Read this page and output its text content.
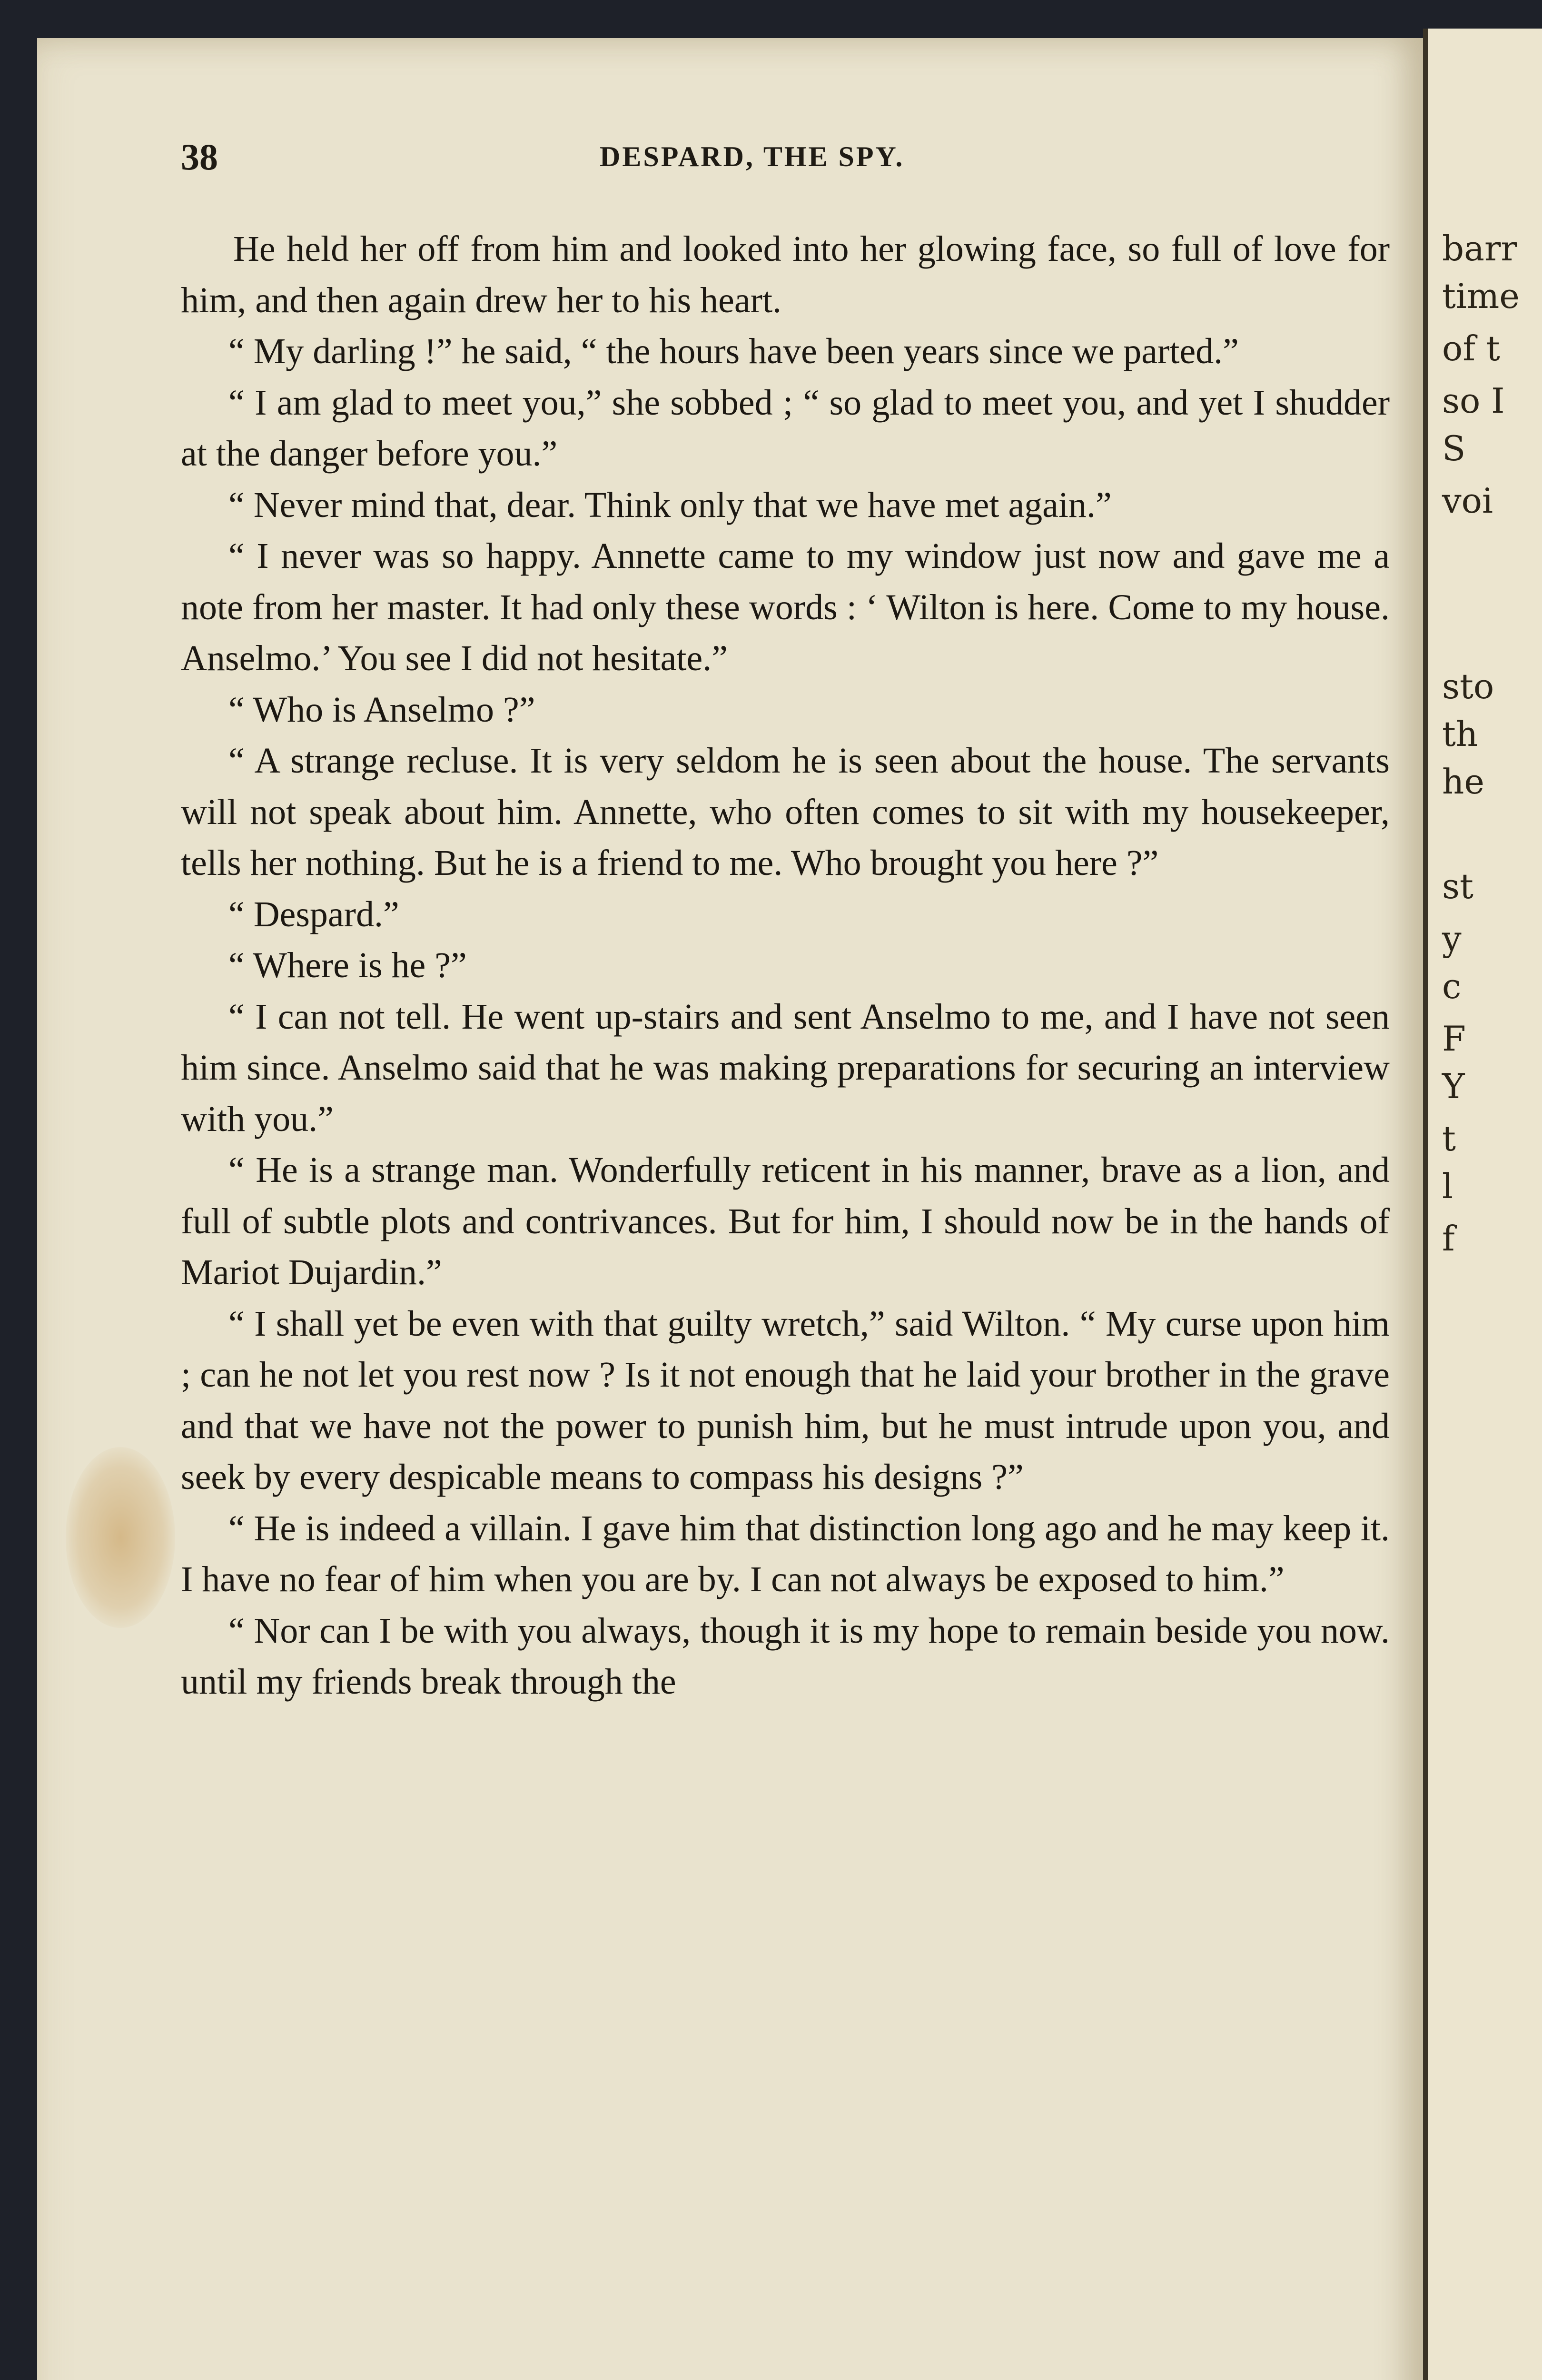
barr
time
of t
so I
S
voi
sto
th
he
st
y
c
F
Y
t
l
f
38	DESPARD, THE SPY.

He held her off from him and looked into her glowing face, so full of love for him, and then again drew her to his heart.

“ My darling !” he said, “ the hours have been years since we parted.”

“ I am glad to meet you,” she sobbed ; “ so glad to meet you, and yet I shudder at the danger before you.”

“ Never mind that, dear. Think only that we have met again.”

“ I never was so happy. Annette came to my window just now and gave me a note from her master. It had only these words : ‘ Wilton is here. Come to my house. Anselmo.’ You see I did not hesitate.”

“ Who is Anselmo ?”

“ A strange recluse. It is very seldom he is seen about the house. The servants will not speak about him. Annette, who often comes to sit with my housekeeper, tells her nothing. But he is a friend to me. Who brought you here ?”

“ Despard.”

“ Where is he ?”

“ I can not tell. He went up-stairs and sent Anselmo to me, and I have not seen him since. Anselmo said that he was making preparations for securing an interview with you.”

“ He is a strange man. Wonderfully reticent in his manner, brave as a lion, and full of subtle plots and contrivances. But for him, I should now be in the hands of Mariot Dujardin.”

“ I shall yet be even with that guilty wretch,” said Wilton. “ My curse upon him ; can he not let you rest now ? Is it not enough that he laid your brother in the grave and that we have not the power to punish him, but he must intrude upon you, and seek by every despicable means to compass his designs ?”

“ He is indeed a villain. I gave him that distinction long ago and he may keep it. I have no fear of him when you are by. I can not always be exposed to him.”

“ Nor can I be with you always, though it is my hope to remain beside you now. until my friends break through the
